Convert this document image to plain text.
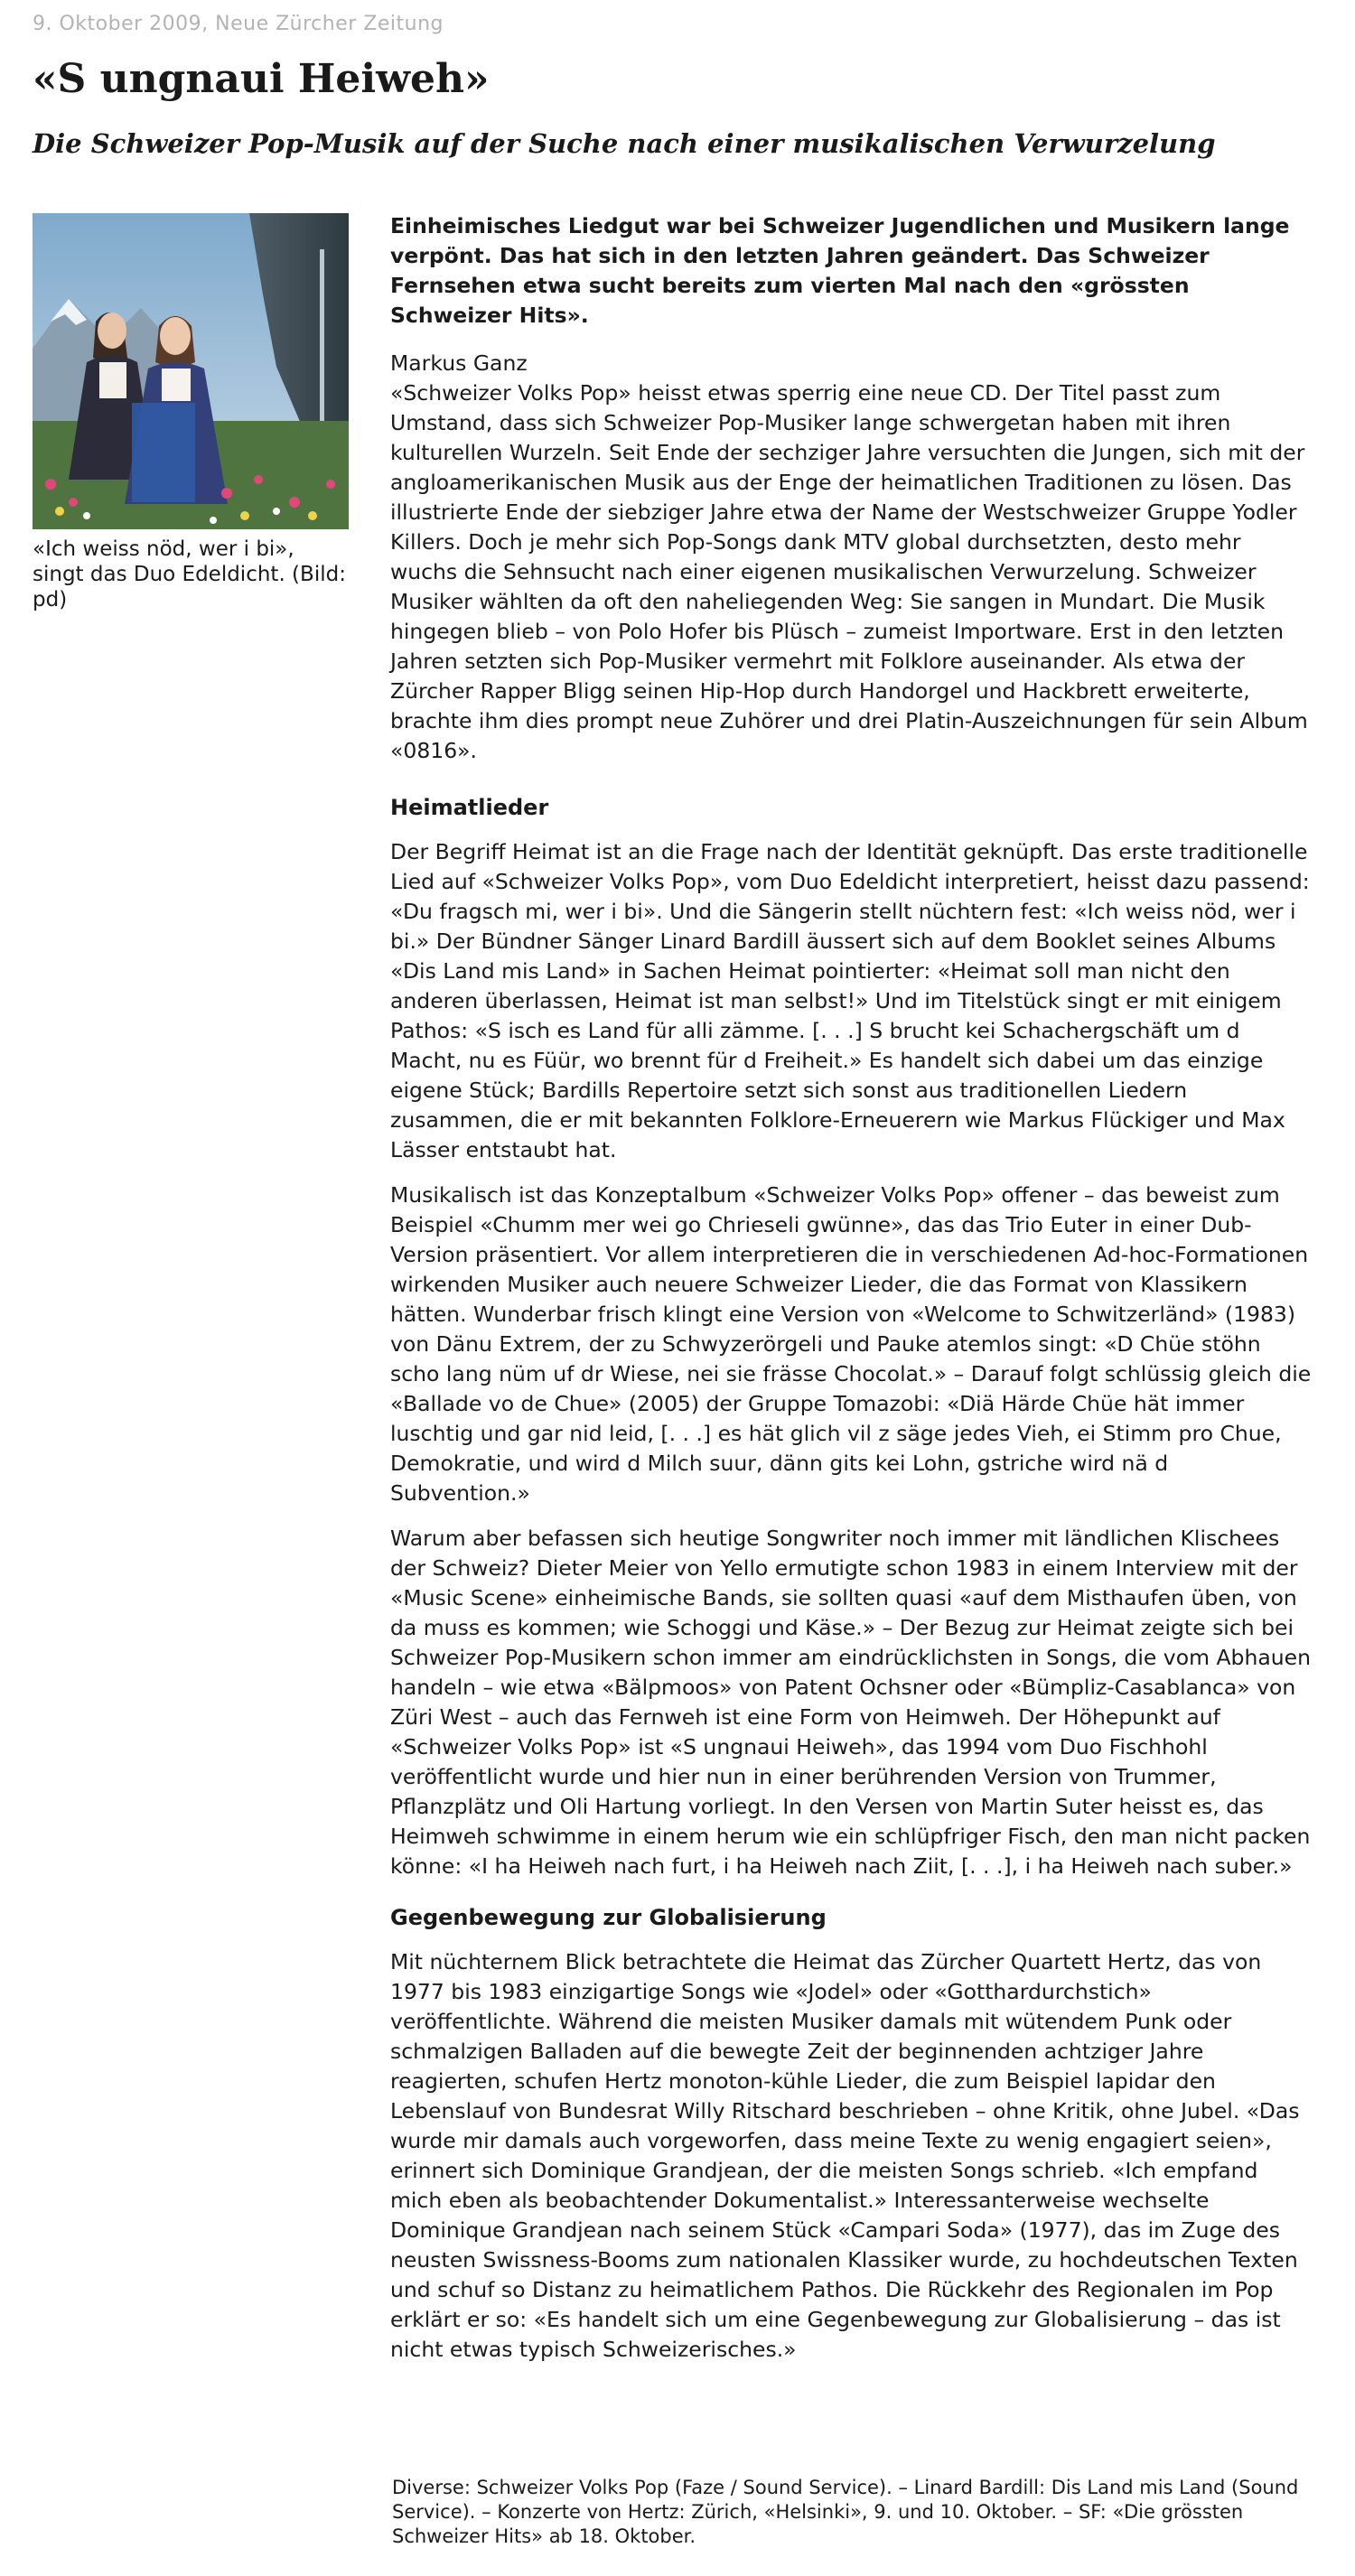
9. Oktober 2009, Neue Zürcher Zeitung
«S ungnaui Heiweh»
Die Schweizer Pop-Musik auf der Suche nach einer musikalischen Verwurzelung
«Ich weiss nöd, wer i bi», singt das Duo Edeldicht. (Bild: pd)

Einheimisches Liedgut war bei Schweizer Jugendlichen und Musikern lange verpönt. Das hat sich in den letzten Jahren geändert. Das Schweizer Fernsehen etwa sucht bereits zum vierten Mal nach den «grössten Schweizer Hits».

Markus Ganz

«Schweizer Volks Pop» heisst etwas sperrig eine neue CD. Der Titel passt zum Umstand, dass sich Schweizer Pop-Musiker lange schwergetan haben mit ihren kulturellen Wurzeln. Seit Ende der sechziger Jahre versuchten die Jungen, sich mit der angloamerikanischen Musik aus der Enge der heimatlichen Traditionen zu lösen. Das illustrierte Ende der siebziger Jahre etwa der Name der Westschweizer Gruppe Yodler Killers. Doch je mehr sich Pop-Songs dank MTV global durchsetzten, desto mehr wuchs die Sehnsucht nach einer eigenen musikalischen Verwurzelung. Schweizer Musiker wählten da oft den naheliegenden Weg: Sie sangen in Mundart. Die Musik hingegen blieb – von Polo Hofer bis Plüsch – zumeist Importware. Erst in den letzten Jahren setzten sich Pop-Musiker vermehrt mit Folklore auseinander. Als etwa der Zürcher Rapper Bligg seinen Hip-Hop durch Handorgel und Hackbrett erweiterte, brachte ihm dies prompt neue Zuhörer und drei Platin-Auszeichnungen für sein Album «0816».

Heimatlieder

Der Begriff Heimat ist an die Frage nach der Identität geknüpft. Das erste traditionelle Lied auf «Schweizer Volks Pop», vom Duo Edeldicht interpretiert, heisst dazu passend: «Du fragsch mi, wer i bi». Und die Sängerin stellt nüchtern fest: «Ich weiss nöd, wer i bi.» Der Bündner Sänger Linard Bardill äussert sich auf dem Booklet seines Albums «Dis Land mis Land» in Sachen Heimat pointierter: «Heimat soll man nicht den anderen überlassen, Heimat ist man selbst!» Und im Titelstück singt er mit einigem Pathos: «S isch es Land für alli zämme. [. . .] S brucht kei Schachergschäft um d Macht, nu es Füür, wo brennt für d Freiheit.» Es handelt sich dabei um das einzige eigene Stück; Bardills Repertoire setzt sich sonst aus traditionellen Liedern zusammen, die er mit bekannten Folklore-Erneuerern wie Markus Flückiger und Max Lässer entstaubt hat.

Musikalisch ist das Konzeptalbum «Schweizer Volks Pop» offener – das beweist zum Beispiel «Chumm mer wei go Chrieseli gwünne», das das Trio Euter in einer Dub-Version präsentiert. Vor allem interpretieren die in verschiedenen Ad-hoc-Formationen wirkenden Musiker auch neuere Schweizer Lieder, die das Format von Klassikern hätten. Wunderbar frisch klingt eine Version von «Welcome to Schwitzerländ» (1983) von Dänu Extrem, der zu Schwyzerörgeli und Pauke atemlos singt: «D Chüe stöhn scho lang nüm uf dr Wiese, nei sie frässe Chocolat.» – Darauf folgt schlüssig gleich die «Ballade vo de Chue» (2005) der Gruppe Tomazobi: «Diä Härde Chüe hät immer luschtig und gar nid leid, [. . .] es hät glich vil z säge jedes Vieh, ei Stimm pro Chue, Demokratie, und wird d Milch suur, dänn gits kei Lohn, gstriche wird nä d Subvention.»

Warum aber befassen sich heutige Songwriter noch immer mit ländlichen Klischees der Schweiz? Dieter Meier von Yello ermutigte schon 1983 in einem Interview mit der «Music Scene» einheimische Bands, sie sollten quasi «auf dem Misthaufen üben, von da muss es kommen; wie Schoggi und Käse.» – Der Bezug zur Heimat zeigte sich bei Schweizer Pop-Musikern schon immer am eindrücklichsten in Songs, die vom Abhauen handeln – wie etwa «Bälpmoos» von Patent Ochsner oder «Bümpliz-Casablanca» von Züri West – auch das Fernweh ist eine Form von Heimweh. Der Höhepunkt auf «Schweizer Volks Pop» ist «S ungnaui Heiweh», das 1994 vom Duo Fischhohl veröffentlicht wurde und hier nun in einer berührenden Version von Trummer, Pflanzplätz und Oli Hartung vorliegt. In den Versen von Martin Suter heisst es, das Heimweh schwimme in einem herum wie ein schlüpfriger Fisch, den man nicht packen könne: «I ha Heiweh nach furt, i ha Heiweh nach Ziit, [. . .], i ha Heiweh nach suber.»

Gegenbewegung zur Globalisierung

Mit nüchternem Blick betrachtete die Heimat das Zürcher Quartett Hertz, das von 1977 bis 1983 einzigartige Songs wie «Jodel» oder «Gotthardurchstich» veröffentlichte. Während die meisten Musiker damals mit wütendem Punk oder schmalzigen Balladen auf die bewegte Zeit der beginnenden achtziger Jahre reagierten, schufen Hertz monoton-kühle Lieder, die zum Beispiel lapidar den Lebenslauf von Bundesrat Willy Ritschard beschrieben – ohne Kritik, ohne Jubel. «Das wurde mir damals auch vorgeworfen, dass meine Texte zu wenig engagiert seien», erinnert sich Dominique Grandjean, der die meisten Songs schrieb. «Ich empfand mich eben als beobachtender Dokumentalist.» Interessanterweise wechselte Dominique Grandjean nach seinem Stück «Campari Soda» (1977), das im Zuge des neusten Swissness-Booms zum nationalen Klassiker wurde, zu hochdeutschen Texten und schuf so Distanz zu heimatlichem Pathos. Die Rückkehr des Regionalen im Pop erklärt er so: «Es handelt sich um eine Gegenbewegung zur Globalisierung – das ist nicht etwas typisch Schweizerisches.»

Diverse: Schweizer Volks Pop (Faze / Sound Service). – Linard Bardill: Dis Land mis Land (Sound Service). – Konzerte von Hertz: Zürich, «Helsinki», 9. und 10. Oktober. – SF: «Die grössten Schweizer Hits» ab 18. Oktober.
